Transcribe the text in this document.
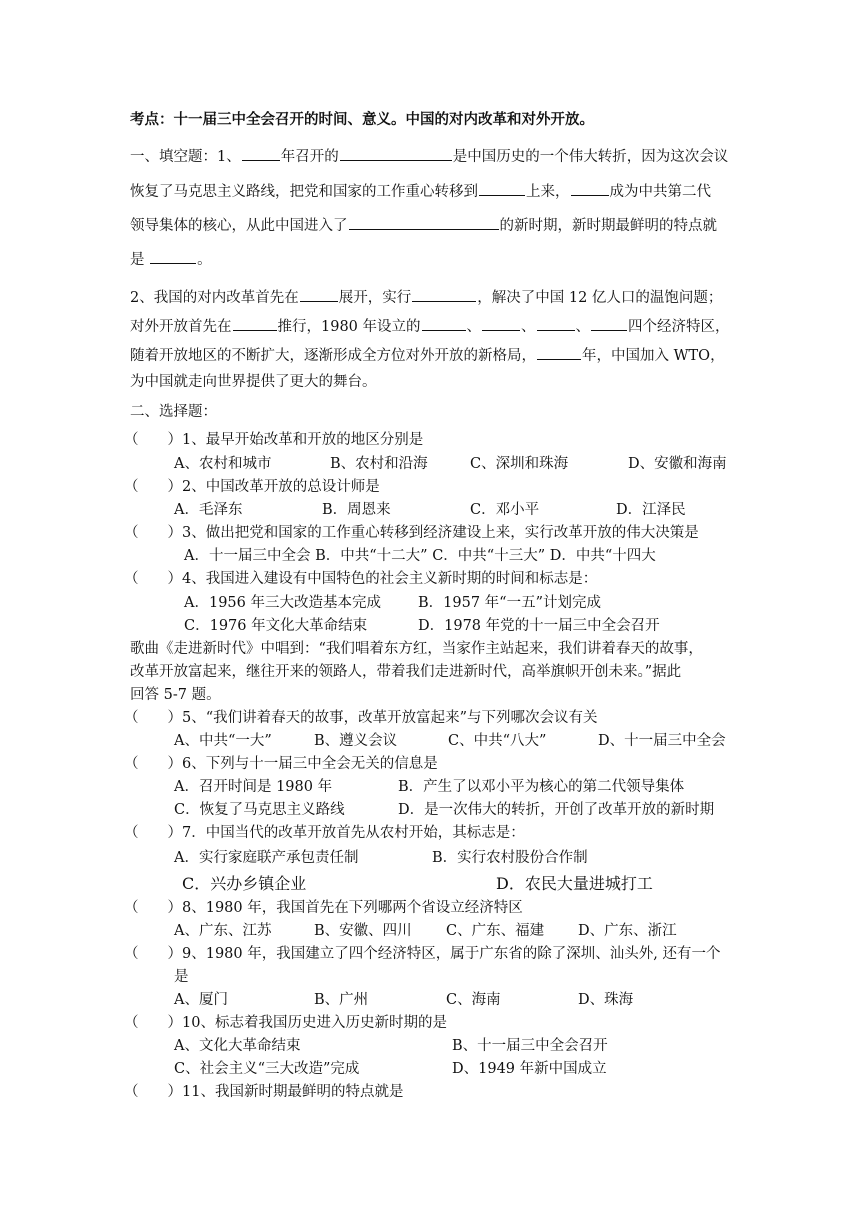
考点：十一届三中全会召开的时间、意义。中国的对内改革和对外开放。
一、填空题：1、	年召开的	是中国历史的一个伟大转折，因为这次会议
恢复了马克思主义路线，把党和国家的工作重心转移到	上来，	成为中共第二代
领导集体的核心，从此中国进入了	的新时期，新时期最鲜明的特点就
是	。
2、我国的对内改革首先在	展开，实行	，解决了中国 12 亿人口的温饱问题；
对外开放首先在	推行，1980 年设立的	、	、	、	四个经济特区，
随着开放地区的不断扩大，逐渐形成全方位对外开放的新格局，	年，中国加入 WTO，
为中国就走向世界提供了更大的舞台。
二、选择题：
（　　）1、最早开始改革和开放的地区分别是
A、农村和城市	B、农村和沿海	C、深圳和珠海	D、安徽和海南
（　　）2、中国改革开放的总设计师是
A．毛泽东	B．周恩来	C．邓小平	D．江泽民
（　　）3、做出把党和国家的工作重心转移到经济建设上来，实行改革开放的伟大决策是
A．十一届三中全会 B．中共“十二大” C．中共“十三大” D．中共“十四大
（　　）4、我国进入建设有中国特色的社会主义新时期的时间和标志是：
A．1956 年三大改造基本完成	B．1957 年“一五”计划完成
C．1976 年文化大革命结束	D．1978 年党的十一届三中全会召开
歌曲《走进新时代》中唱到：“我们唱着东方红，当家作主站起来，我们讲着春天的故事，
改革开放富起来，继往开来的领路人，带着我们走进新时代，高举旗帜开创未来。”据此
回答 5-7 题。
（　　）5、“我们讲着春天的故事，改革开放富起来”与下列哪次会议有关
A、中共“一大”	B、遵义会议	C、中共“八大”	D、十一届三中全会
（　　）6、下列与十一届三中全会无关的信息是
A．召开时间是 1980 年	B．产生了以邓小平为核心的第二代领导集体
C．恢复了马克思主义路线	D．是一次伟大的转折，开创了改革开放的新时期
（　　）7．中国当代的改革开放首先从农村开始，其标志是：
A．实行家庭联产承包责任制	B．实行农村股份合作制
C．兴办乡镇企业	D．农民大量进城打工
（　　）8、1980 年，我国首先在下列哪两个省设立经济特区
A、广东、江苏	B、安徽、四川 C、广东、福建 D、广东、浙江
（　　）9、1980 年，我国建立了四个经济特区，属于广东省的除了深圳、汕头外, 还有一个
是
A、厦门	B、广州	C、海南	D、珠海
（　　）10、标志着我国历史进入历史新时期的是
A、文化大革命结束	B、十一届三中全会召开
C、社会主义“三大改造”完成	D、1949 年新中国成立
（　　）11、我国新时期最鲜明的特点就是
